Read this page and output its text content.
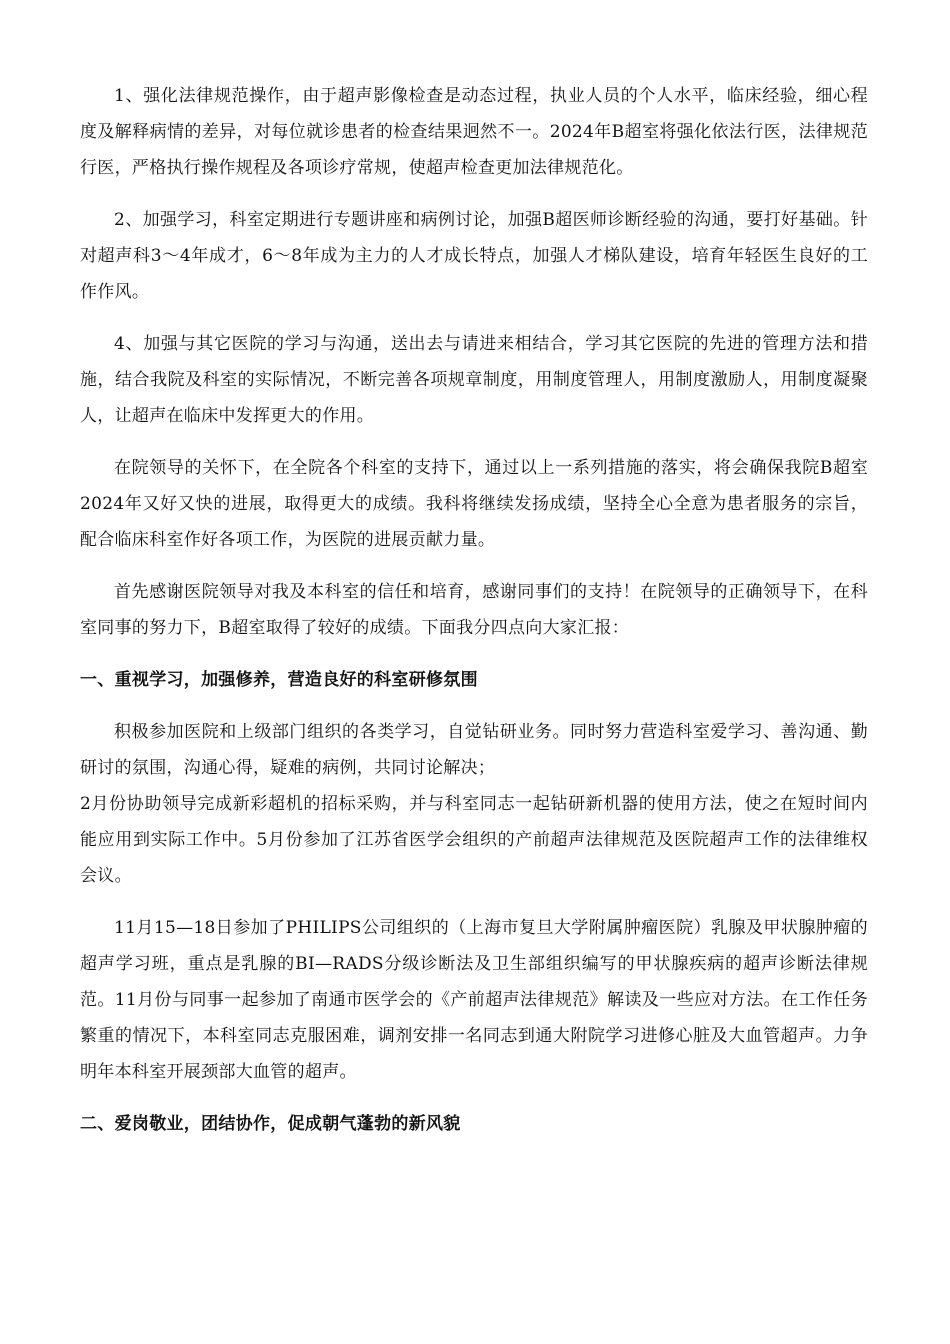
1、强化法律规范操作，由于超声影像检查是动态过程，执业人员的个人水平，临床经验，细心程度及解释病情的差异，对每位就诊患者的检查结果迥然不一。2024年B超室将强化依法行医，法律规范行医，严格执行操作规程及各项诊疗常规，使超声检查更加法律规范化。

2、加强学习，科室定期进行专题讲座和病例讨论，加强B超医师诊断经验的沟通，要打好基础。针对超声科3～4年成才，6～8年成为主力的人才成长特点，加强人才梯队建设，培育年轻医生良好的工作作风。

4、加强与其它医院的学习与沟通，送出去与请进来相结合，学习其它医院的先进的管理方法和措施，结合我院及科室的实际情况，不断完善各项规章制度，用制度管理人，用制度激励人，用制度凝聚人，让超声在临床中发挥更大的作用。

在院领导的关怀下，在全院各个科室的支持下，通过以上一系列措施的落实，将会确保我院B超室2024年又好又快的进展，取得更大的成绩。我科将继续发扬成绩，坚持全心全意为患者服务的宗旨，配合临床科室作好各项工作，为医院的进展贡献力量。

首先感谢医院领导对我及本科室的信任和培育，感谢同事们的支持！在院领导的正确领导下，在科室同事的努力下，B超室取得了较好的成绩。下面我分四点向大家汇报：

一、重视学习，加强修养，营造良好的科室研修氛围

积极参加医院和上级部门组织的各类学习，自觉钻研业务。同时努力营造科室爱学习、善沟通、勤研讨的氛围，沟通心得，疑难的病例，共同讨论解决；

2月份协助领导完成新彩超机的招标采购，并与科室同志一起钻研新机器的使用方法，使之在短时间内能应用到实际工作中。5月份参加了江苏省医学会组织的产前超声法律规范及医院超声工作的法律维权会议。

11月15—18日参加了PHILIPS公司组织的（上海市复旦大学附属肿瘤医院）乳腺及甲状腺肿瘤的超声学习班，重点是乳腺的BI—RADS分级诊断法及卫生部组织编写的甲状腺疾病的超声诊断法律规范。11月份与同事一起参加了南通市医学会的《产前超声法律规范》解读及一些应对方法。在工作任务繁重的情况下，本科室同志克服困难，调剂安排一名同志到通大附院学习进修心脏及大血管超声。力争明年本科室开展颈部大血管的超声。

二、爱岗敬业，团结协作，促成朝气蓬勃的新风貌
